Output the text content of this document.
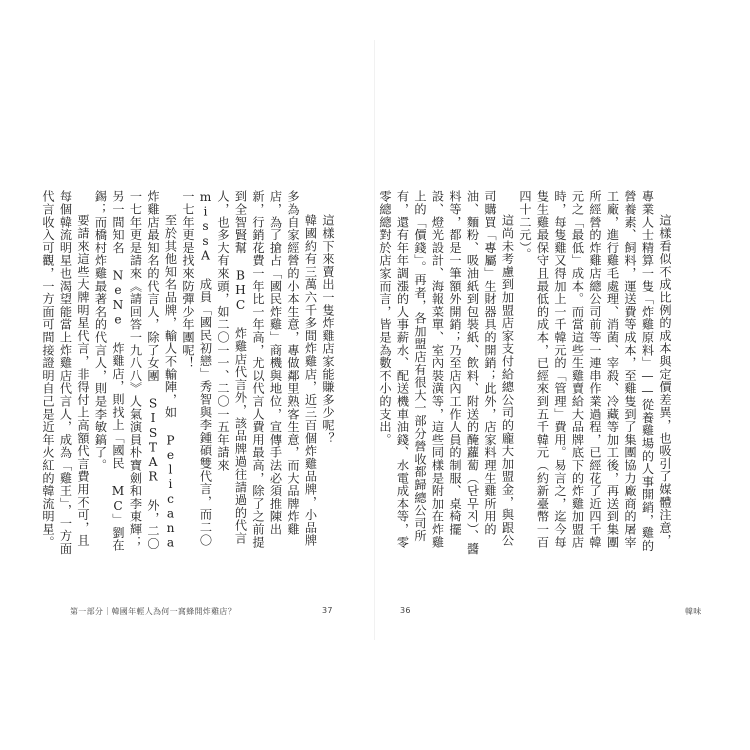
這樣下來賣出一隻炸雞店家能賺多少呢？

韓國約有三萬六千多間炸雞店，近三百個炸雞品牌，小品牌多為自家經營的小本生意，專做鄰里熟客生意，而大品牌炸雞店，為了搶占「國民炸雞」商機與地位，宣傳手法必須推陳出新，行銷花費一年比一年高，尤以代言人費用最高，除了之前提到全智賢幫 BHC 炸雞店代言外，該品牌過往請過的代言人，也多大有來頭，如二〇一一、二〇一五年請來 missA 成員「國民初戀」秀智與李鍾碩雙代言，而二〇一七年更是找來防彈少年團呢！

至於其他知名品牌，輸人不輸陣，如 Pelicana 炸雞店最知名的代言人，除了女團 SISTAR 外，二〇一七年更是請來《請回答一九八八》人氣演員朴寶劍和李東輝；另一間知名 NeNe 炸雞店，則找上「國民 MC」劉在錫；而橋村炸雞最著名的代言人，則是李敏鎬了。

要請來這些大牌明星代言，非得付上高額代言費用不可，且每個韓流明星也渴望能當上炸雞店代言人，成為「雞王」，一方面代言收入可觀，一方面可間接證明自己是近年火紅的韓流明星。

第一部分｜韓國年輕人為何一窩蜂開炸雞店？	37

這樣看似不成比例的成本與定價差異，也吸引了媒體注意，專業人士精算一隻「炸雞原料」——從養雞場的人事開銷，雞的營養素、飼料，運送費等成本，至雞隻到了集團協力廠商的屠宰工廠，進行雞毛處理、消菌、宰殺、冷藏等加工後，再送到集團所經營的炸雞店總公司前等一連串作業過程，已經花了近四千韓元之「最低」成本。而當這些生雞賣給大品牌底下的炸雞加盟店時，每隻雞又得加上一千韓元的「管理」費用。易言之，迄今每隻生雞最保守且最低的成本，已經來到五千韓元（約新臺幣一百四十二元）。

這尚未考慮到加盟店家支付給總公司的龐大加盟金，與跟公司購買「專屬」生財器具的開銷；此外，店家料理生雞所用的油、麵粉、吸油紙到包裝紙、飲料、附送的醃蘿蔔（단무지）、醬料等，都是一筆額外開銷；乃至店內工作人員的制服、桌椅擺設、燈光設計、海報菜單、室內裝潢等，這些同樣是附加在炸雞上的「價錢」。再者，各加盟店有很大一部分營收都歸總公司所有，還有年年調漲的人事薪水、配送機車油錢、水電成本等，零零總總對於店家而言，皆是為數不小的支出。

36	韓味
